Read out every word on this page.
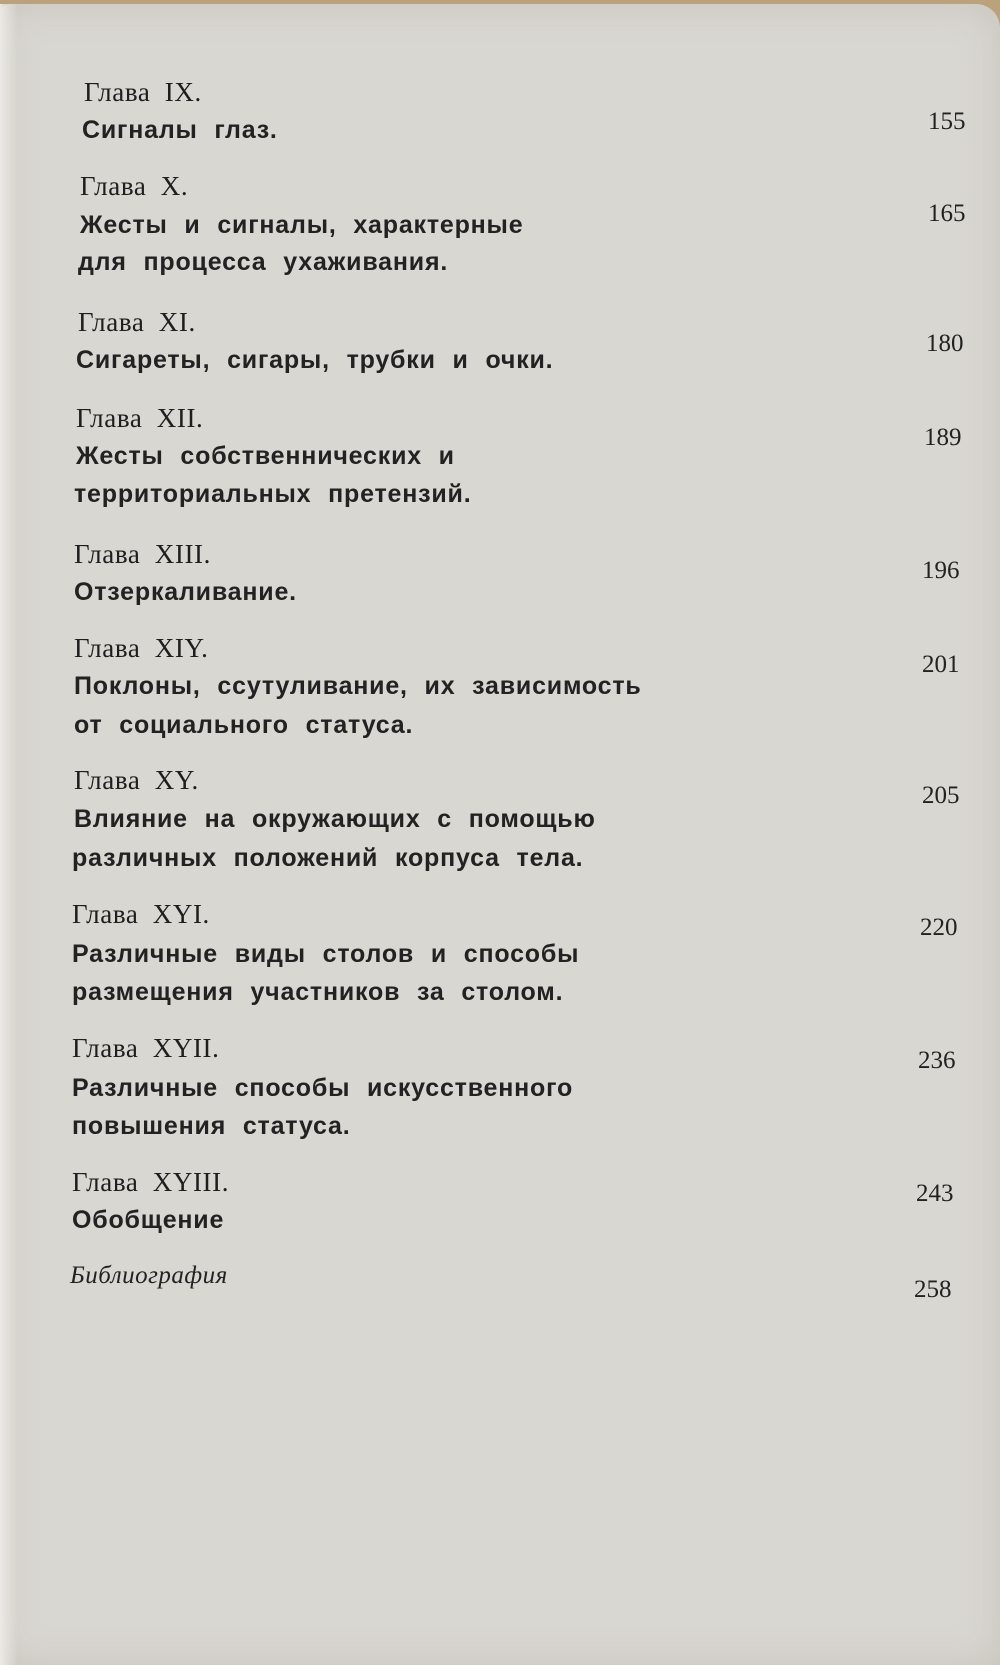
Глава IX.
Сигналы глаз.	155
Глава X.
Жесты и сигналы, характерные
для процесса ухаживания.
165
Глава XI.
Сигареты, сигары, трубки и очки.
180
Глава XII.
Жесты собственнических и
территориальных претензий.
189
Глава XIII.
Отзеркаливание.
196
Глава XIY.
Поклоны, ссутуливание, их зависимость
от социального статуса.
201
Глава XY.
Влияние на окружающих с помощью
различных положений корпуса тела.
205
Глава XYI.
Различные виды столов и способы
размещения участников за столом.
220
Глава XYII.
Различные способы искусственного
повышения статуса.
236
Глава XYIII.
Обобщение
243
Библиография
258
